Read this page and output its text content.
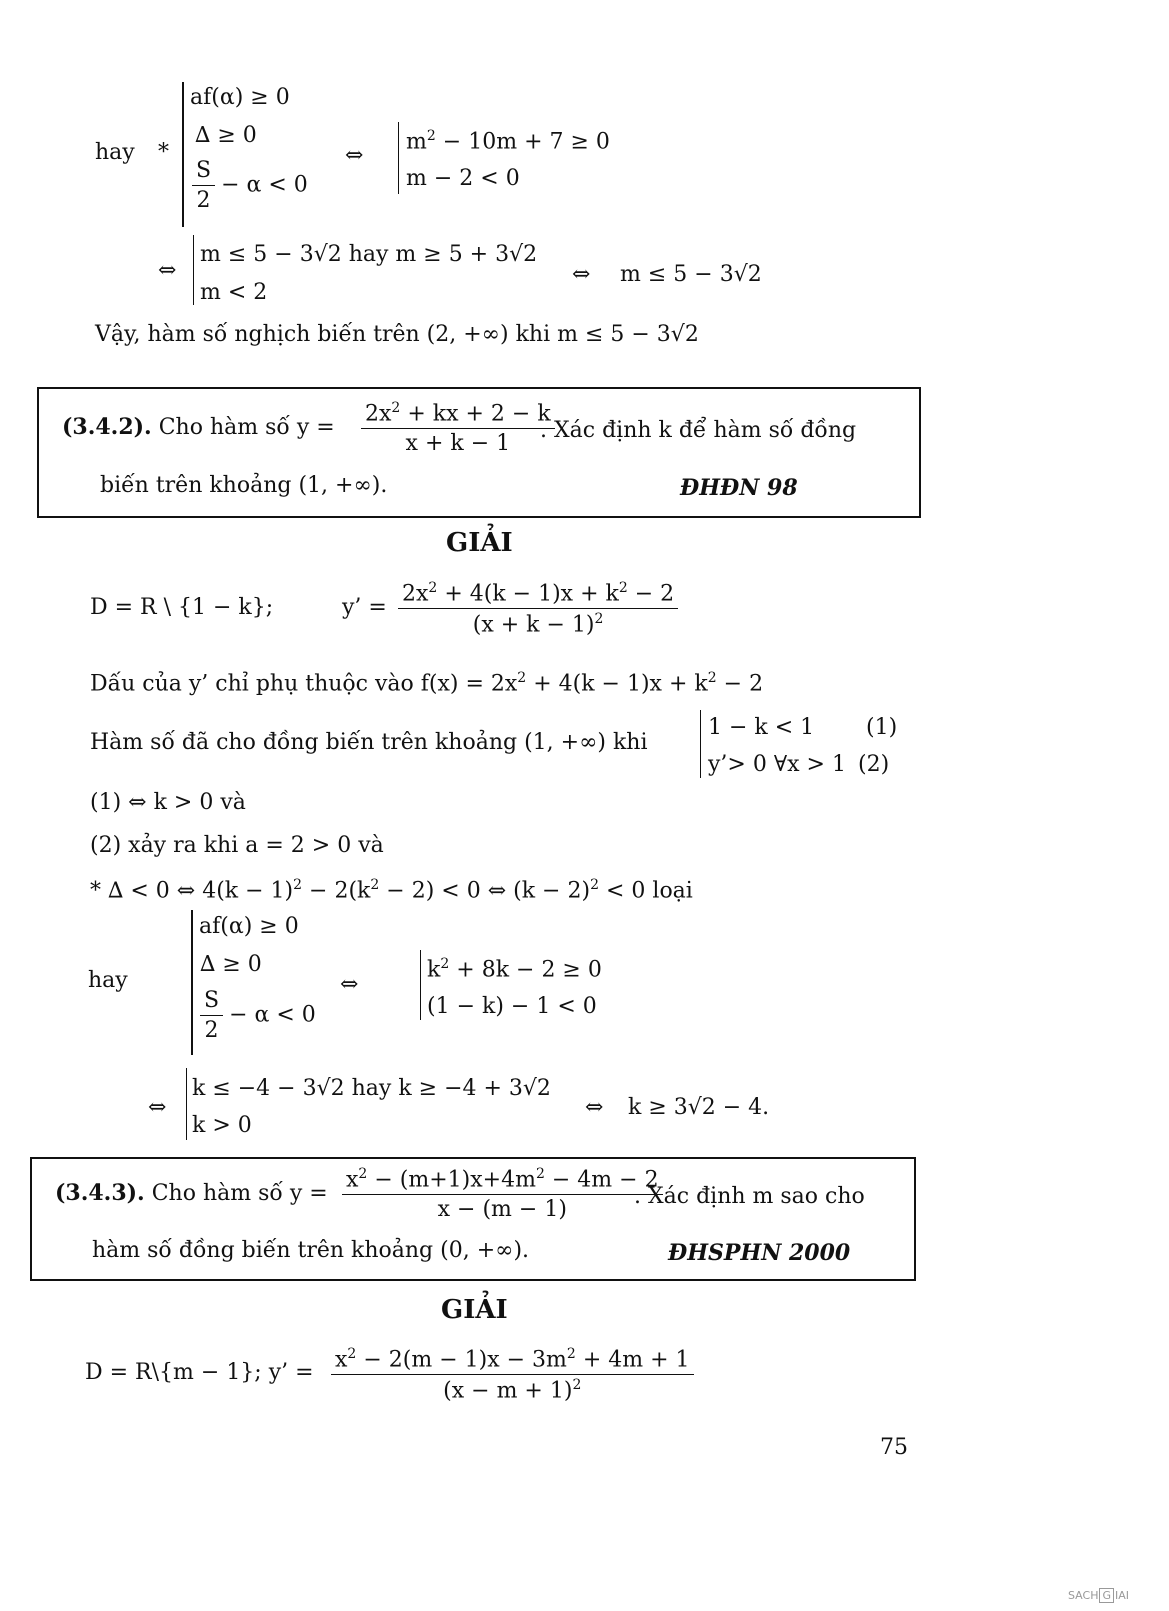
hay *
af(α) ≥ 0
∆ ≥ 0
$\frac{S}{2} - \alpha < 0$
⇔
$m^2 - 10m + 7 \ge 0$
m − 2 < 0
⇔
m ≤ 5 − 3√2 hay m ≥ 5 + 3√2
m < 2
⇔ m ≤ 5 − 3√2
Vậy, hàm số nghịch biến trên (2, +∞) khi m ≤ 5 − 3√2
(3.4.2). Cho hàm số $y = \frac{2x^2 + kx + 2 - k}{x + k - 1}$
. Xác định k để hàm số đồng
biến trên khoảng (1, +∞).	ĐHĐN 98
GIẢI
D = R \ {1 − k};	y’ = $\frac{2x^2 + 4(k - 1)x + k^2 - 2}{(x + k - 1)^2}$
Dấu của y’ chỉ phụ thuộc vào $f(x) = 2x^2 + 4(k - 1)x + k^2 - 2$
Hàm số đã cho đồng biến trên khoảng (1, +∞) khi
1 − k < 1 (1)
y’> 0 ∀x > 1 (2)
(1) ⇔ k > 0 và
(2) xảy ra khi a = 2 > 0 và
* ∆ < 0 ⇔ $4(k - 1)^2 - 2(k^2 - 2) < 0$ ⇔ $(k - 2)^2 < 0$ loại
hay
af(α) ≥ 0
∆ ≥ 0
$\frac{S}{2} - \alpha < 0$
⇔
$k^2 + 8k - 2 \ge 0$
(1 − k) − 1 < 0
⇔
k ≤ −4 − 3√2 hay k ≥ −4 + 3√2
k > 0
⇔ k ≥ 3√2 − 4.
(3.4.3). Cho hàm số $y = \frac{x^2 - (m+1)x+4m^2 - 4m - 2}{x - (m - 1)}$
. Xác định m sao cho
hàm số đồng biến trên khoảng (0, +∞).	ĐHSPHN 2000
GIẢI
D = R\{m − 1}; y’ = $\frac{x^2 - 2(m - 1)x - 3m^2 + 4m + 1}{(x - m + 1)^2}$
75
SACH G IAI
